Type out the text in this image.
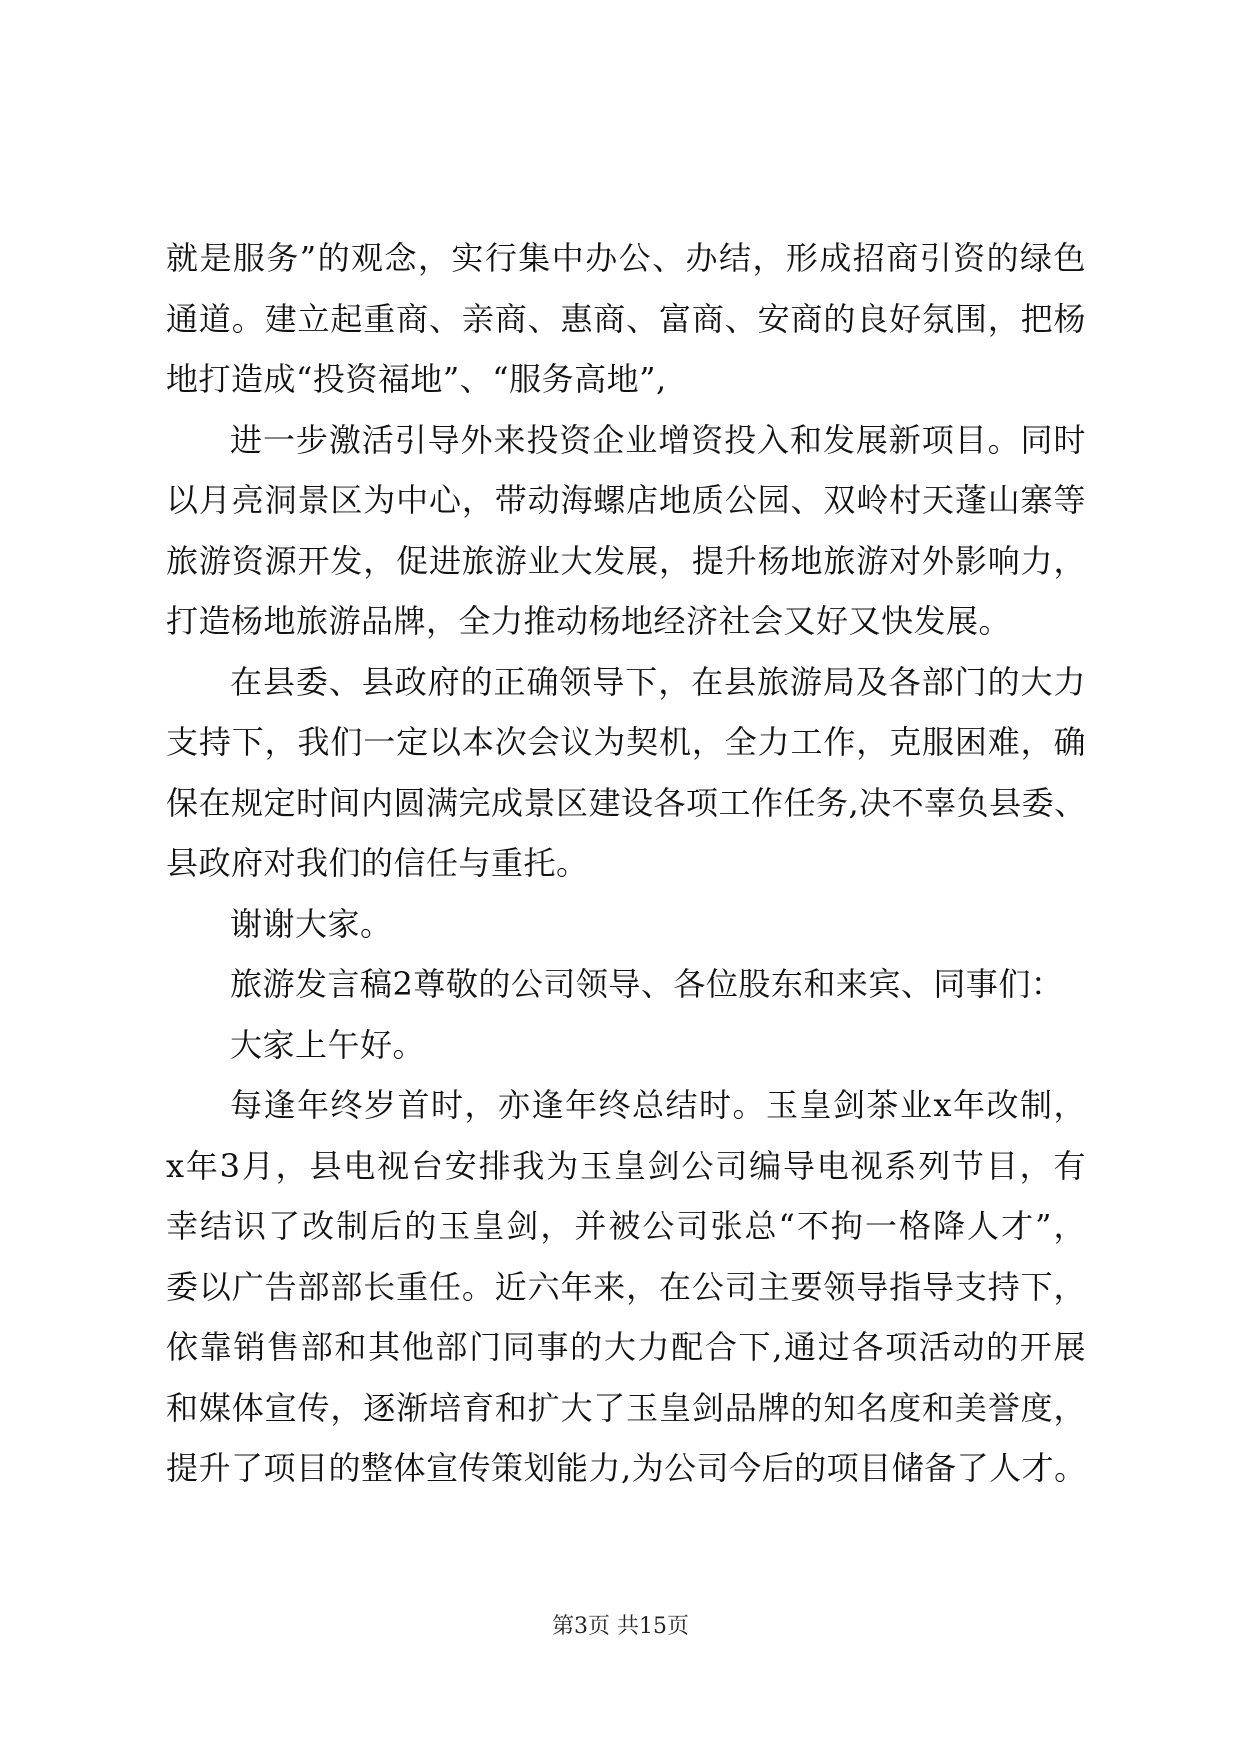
就是服务”的观念，实行集中办公、办结，形成招商引资的绿色
通道。建立起重商、亲商、惠商、富商、安商的良好氛围，把杨
地打造成“投资福地”、“服务高地”,
进一步激活引导外来投资企业增资投入和发展新项目。同时
以月亮洞景区为中心，带动海螺店地质公园、双岭村天蓬山寨等
旅游资源开发，促进旅游业大发展，提升杨地旅游对外影响力，
打造杨地旅游品牌，全力推动杨地经济社会又好又快发展。
在县委、县政府的正确领导下，在县旅游局及各部门的大力
支持下，我们一定以本次会议为契机，全力工作，克服困难，确
保在规定时间内圆满完成景区建设各项工作任务,决不辜负县委、
县政府对我们的信任与重托。
谢谢大家。
旅游发言稿2尊敬的公司领导、各位股东和来宾、同事们：
大家上午好。
每逢年终岁首时，亦逢年终总结时。玉皇剑茶业x年改制，
x年3月，县电视台安排我为玉皇剑公司编导电视系列节目，有
幸结识了改制后的玉皇剑，并被公司张总“不拘一格降人才”，
委以广告部部长重任。近六年来，在公司主要领导指导支持下，
依靠销售部和其他部门同事的大力配合下,通过各项活动的开展
和媒体宣传，逐渐培育和扩大了玉皇剑品牌的知名度和美誉度，
提升了项目的整体宣传策划能力,为公司今后的项目储备了人才。
第3页 共15页
